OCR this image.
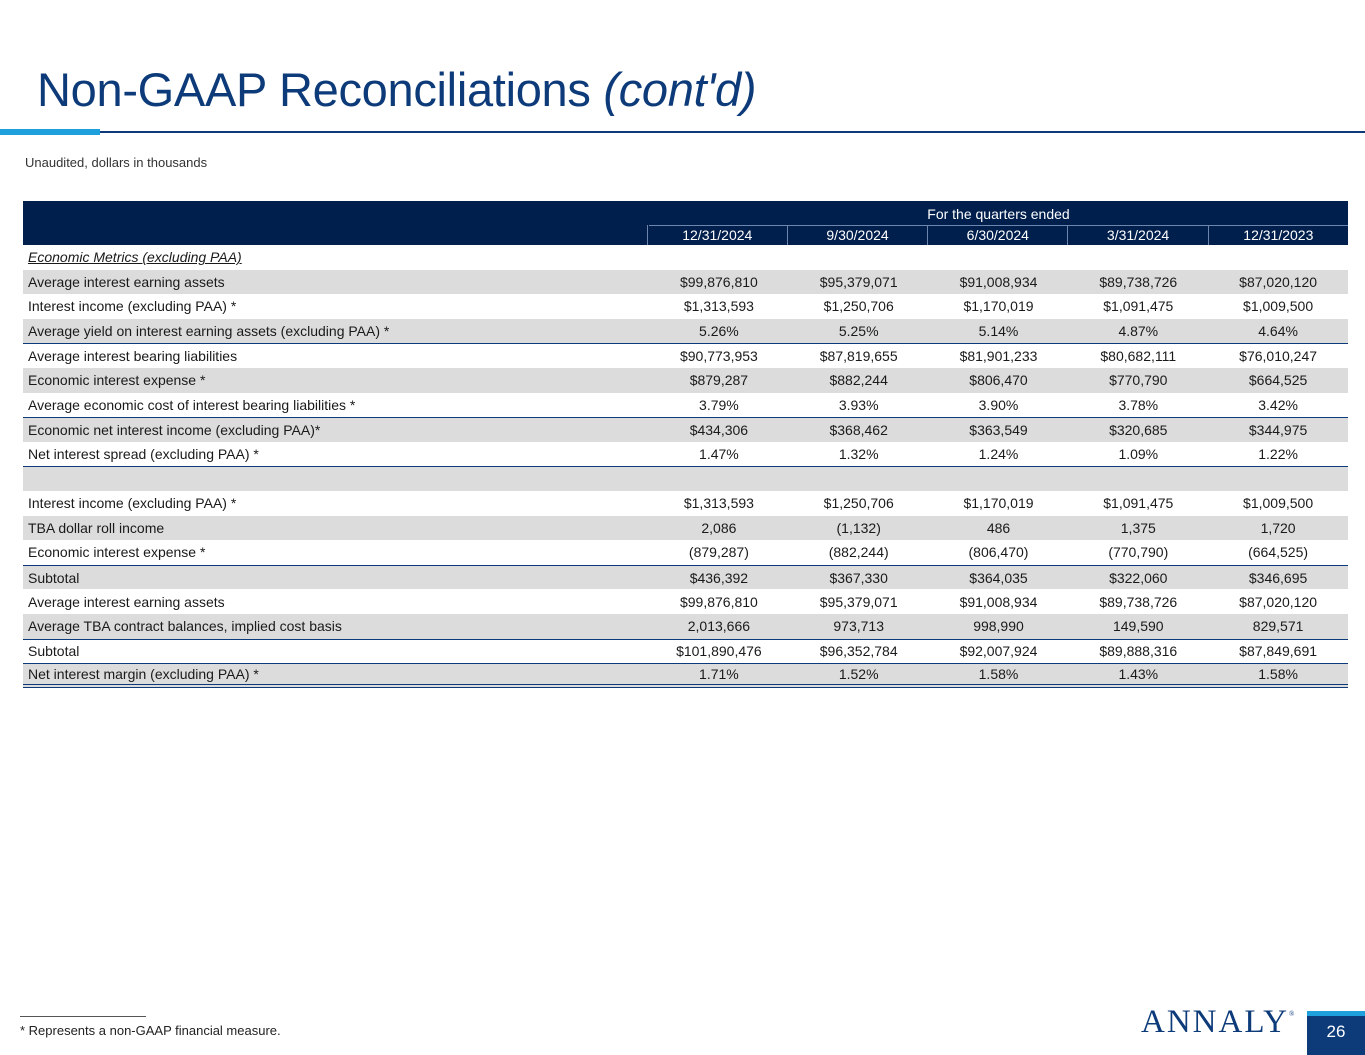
Non-GAAP Reconciliations (cont'd)
Unaudited, dollars in thousands
For the quarters ended
12/31/2024	9/30/2024	6/30/2024	3/31/2024	12/31/2023
Economic Metrics (excluding PAA)
Average interest earning assets	$99,876,810	$95,379,071	$91,008,934	$89,738,726	$87,020,120
Interest income (excluding PAA) *	$1,313,593	$1,250,706	$1,170,019	$1,091,475	$1,009,500
Average yield on interest earning assets (excluding PAA) *	5.26%	5.25%	5.14%	4.87%	4.64%
Average interest bearing liabilities	$90,773,953	$87,819,655	$81,901,233	$80,682,111	$76,010,247
Economic interest expense *	$879,287	$882,244	$806,470	$770,790	$664,525
Average economic cost of interest bearing liabilities *	3.79%	3.93%	3.90%	3.78%	3.42%
Economic net interest income (excluding PAA)*	$434,306	$368,462	$363,549	$320,685	$344,975
Net interest spread (excluding PAA) *	1.47%	1.32%	1.24%	1.09%	1.22%
Interest income (excluding PAA) *	$1,313,593	$1,250,706	$1,170,019	$1,091,475	$1,009,500
TBA dollar roll income	2,086	(1,132)	486	1,375	1,720
Economic interest expense *	(879,287)	(882,244)	(806,470)	(770,790)	(664,525)
Subtotal	$436,392	$367,330	$364,035	$322,060	$346,695
Average interest earning assets	$99,876,810	$95,379,071	$91,008,934	$89,738,726	$87,020,120
Average TBA contract balances, implied cost basis	2,013,666	973,713	998,990	149,590	829,571
Subtotal	$101,890,476	$96,352,784	$92,007,924	$89,888,316	$87,849,691
Net interest margin (excluding PAA) *	1.71%	1.52%	1.58%	1.43%	1.58%
* Represents a non-GAAP financial measure.	ANNALY®
26
